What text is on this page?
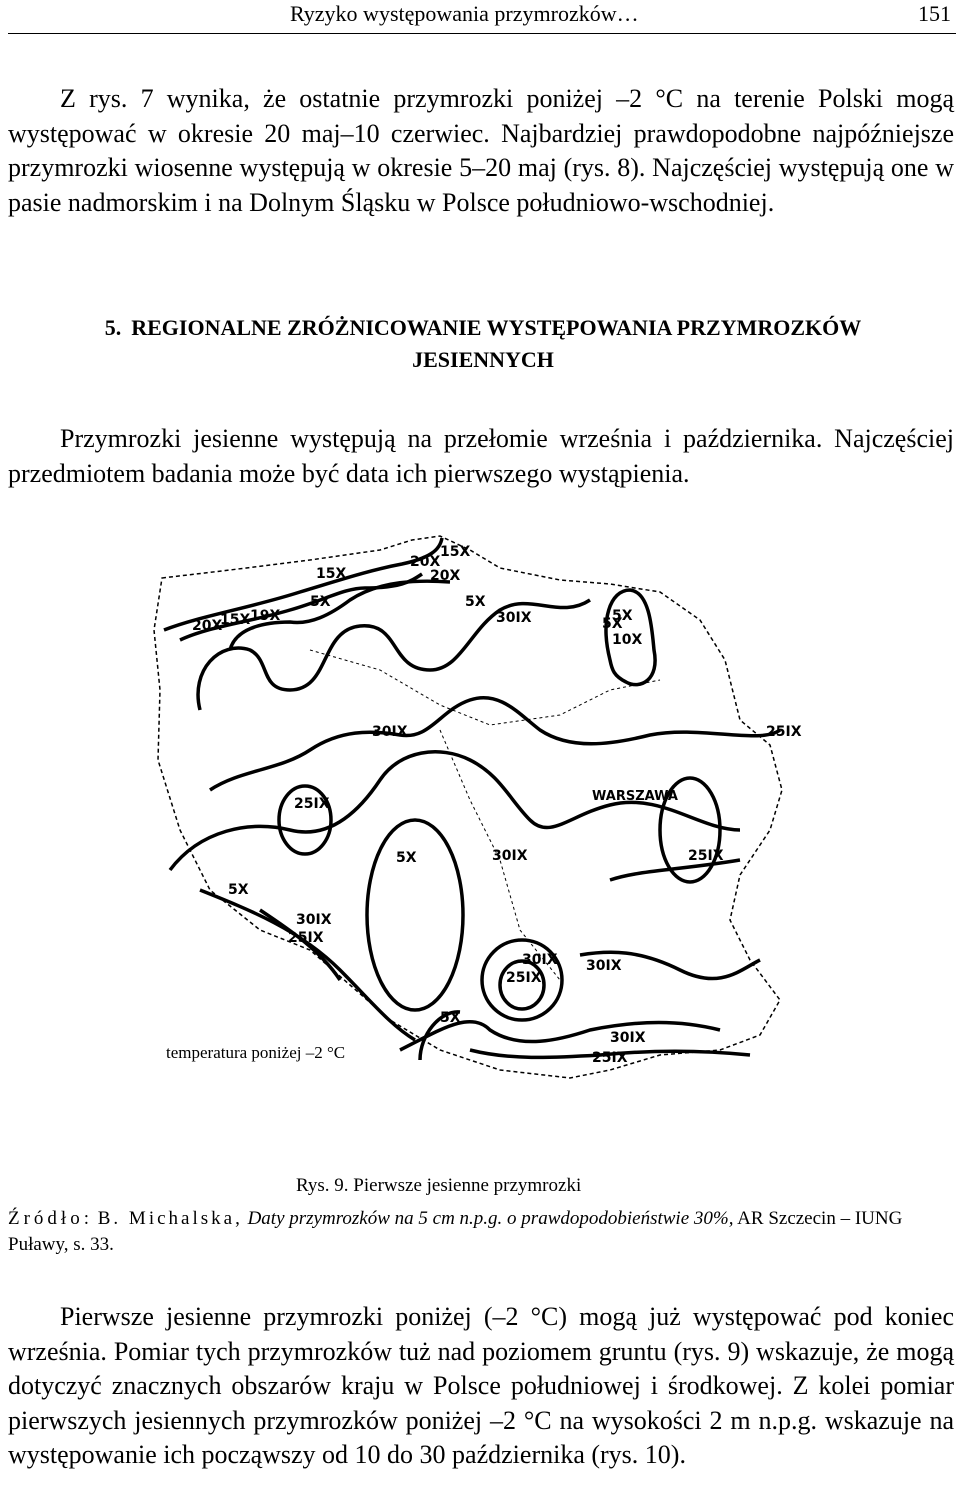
Ryzyko występowania przymrozków…	151

Z rys. 7 wynika, że ostatnie przymrozki poniżej –2 °C na terenie Polski mogą występować w okresie 20 maj–10 czerwiec. Najbardziej prawdopodobne najpóźniejsze przymrozki wiosenne występują w okresie 5–20 maj (rys. 8). Najczęściej występują one w pasie nadmorskim i na Dolnym Śląsku w Polsce południowo-wschodniej.

5. REGIONALNE ZRÓŻNICOWANIE WYSTĘPOWANIA PRZYMROZKÓW JESIENNYCH

Przymrozki jesienne występują na przełomie września i października. Najczęściej przedmiotem badania może być data ich pierwszego wystąpienia.

15X
20X
15X
20X
5X
19X
5X
15X
20X
5X
30IX	5X
10X
30IX	25IX
25IX
5X	30IX	25IX
5X
30IX
25IX
30IX 30IX
25IX
5X
30IX
25IX
WARSZAWA
temperatura poniżej –2 °C
Rys. 9. Pierwsze jesienne przymrozki

Źródło: B. Michalska, Daty przymrozków na 5 cm n.p.g. o prawdopodobieństwie 30%, AR Szczecin – IUNG Puławy, s. 33.

Pierwsze jesienne przymrozki poniżej (–2 °C) mogą już występować pod koniec września. Pomiar tych przymrozków tuż nad poziomem gruntu (rys. 9) wskazuje, że mogą dotyczyć znacznych obszarów kraju w Polsce południowej i środkowej. Z kolei pomiar pierwszych jesiennych przymrozków poniżej –2 °C na wysokości 2 m n.p.g. wskazuje na występowanie ich począwszy od 10 do 30 października (rys. 10).
